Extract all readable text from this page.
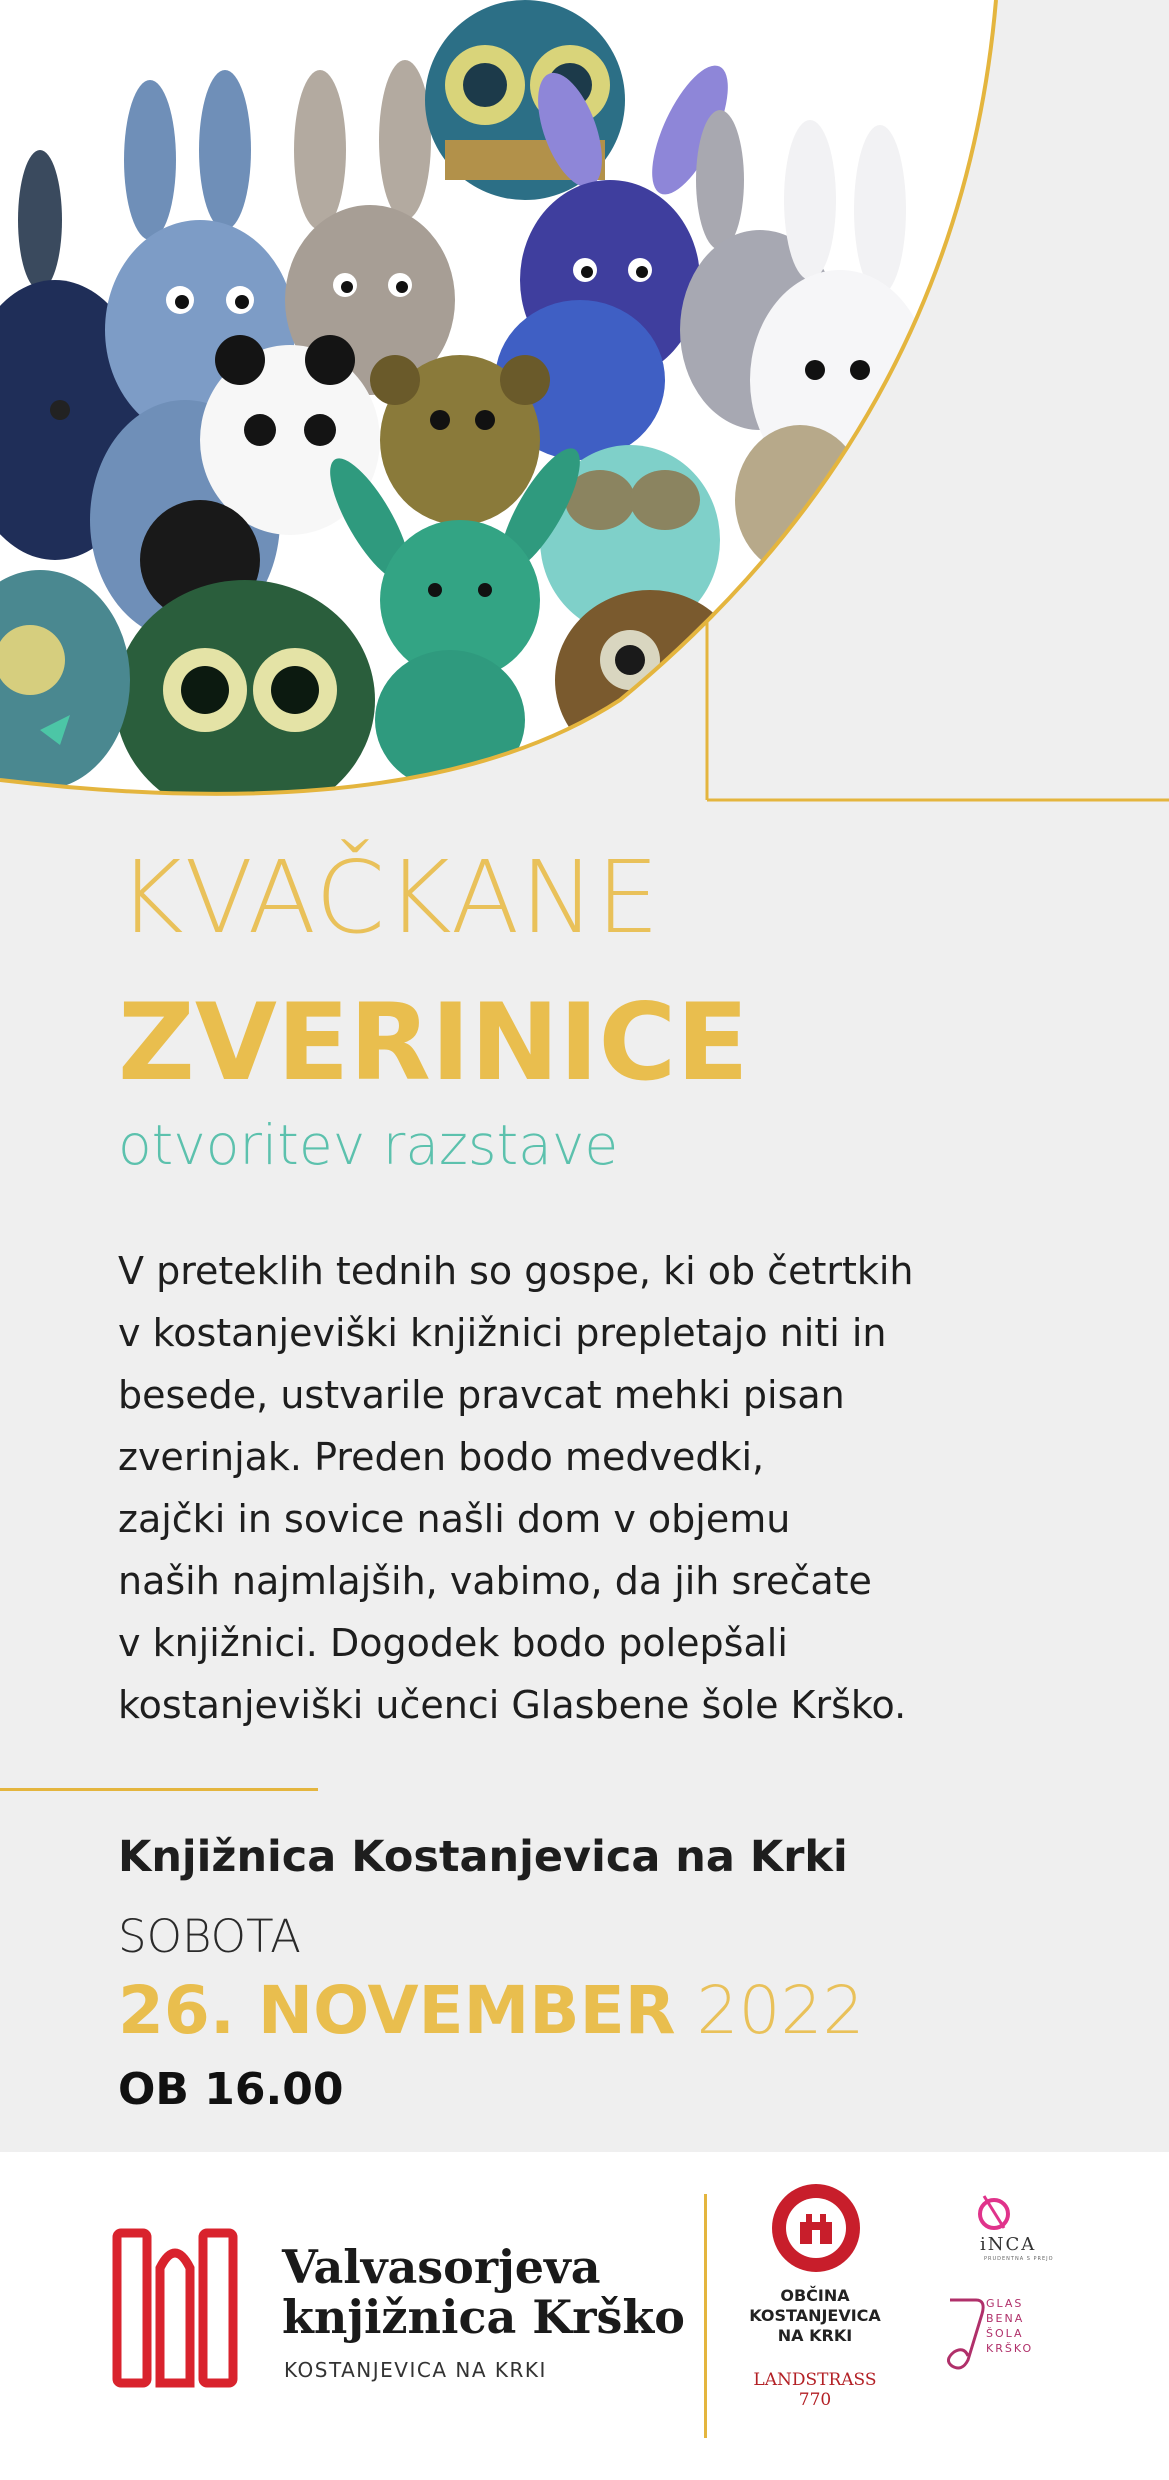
KVAČKANE
ZVERINICE
otvoritev razstave
V preteklih tednih so gospe, ki ob četrtkih
v kostanjeviški knjižnici prepletajo niti in
besede, ustvarile pravcat mehki pisan
zverinjak. Preden bodo medvedki,
zajčki in sovice našli dom v objemu
naših najmlajših, vabimo, da jih srečate
v knjižnici. Dogodek bodo polepšali
kostanjeviški učenci Glasbene šole Krško.
Knjižnica Kostanjevica na Krki
SOBOTA
26. NOVEMBER 2022
OB 16.00
Valvasorjeva
knjižnica Krško
KOSTANJEVICA NA KRKI
OBČINA
KOSTANJEVICA
NA KRKI
LANDSTRASS
770
iNCA
PRUDENTNA S PREJO
GLAS
BENA
ŠOLA
KRŠKO
